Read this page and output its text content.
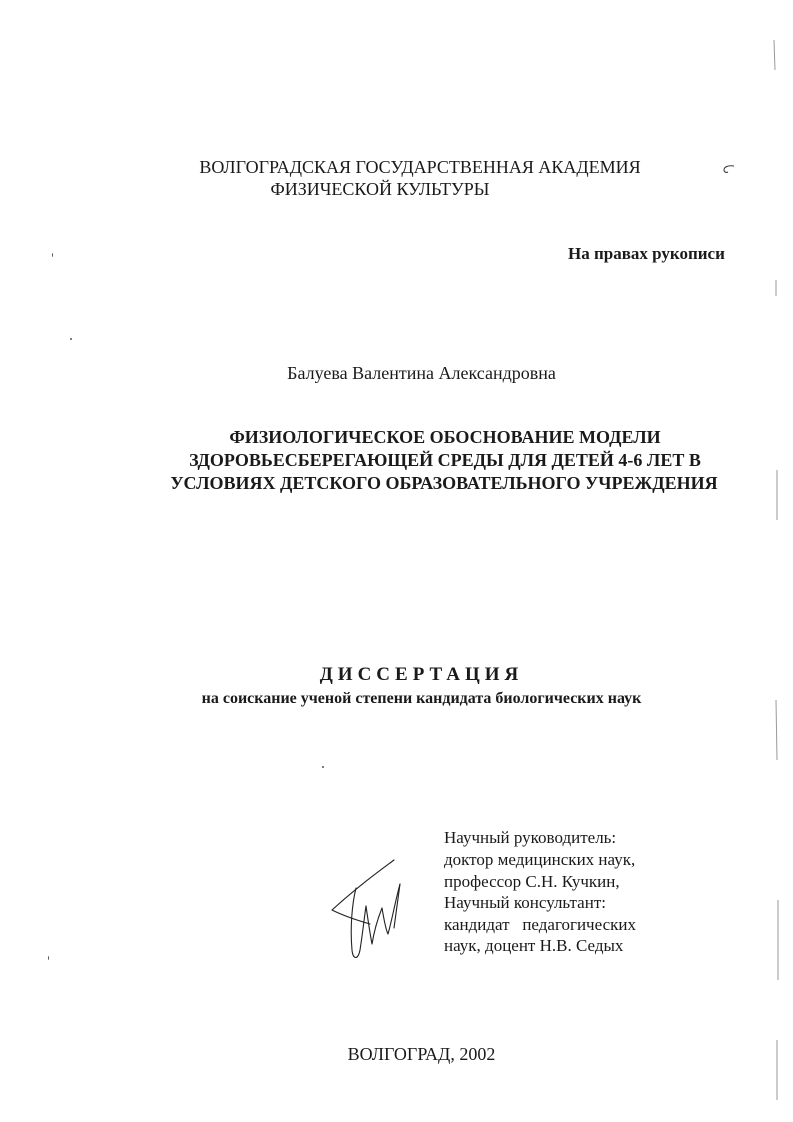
ВОЛГОГРАДСКАЯ ГОСУДАРСТВЕННАЯ АКАДЕМИЯ
ФИЗИЧЕСКОЙ КУЛЬТУРЫ
На правах рукописи
Балуева Валентина Александровна
ФИЗИОЛОГИЧЕСКОЕ ОБОСНОВАНИЕ МОДЕЛИ
ЗДОРОВЬЕСБЕРЕГАЮЩЕЙ СРЕДЫ ДЛЯ ДЕТЕЙ 4-6 ЛЕТ В
УСЛОВИЯХ ДЕТСКОГО ОБРАЗОВАТЕЛЬНОГО УЧРЕЖДЕНИЯ
ДИССЕРТАЦИЯ
на соискание ученой степени кандидата биологических наук
Научный руководитель:
доктор медицинских наук,
профессор С.Н. Кучкин,
Научный консультант:
кандидат   педагогических
наук, доцент Н.В. Седых
ВОЛГОГРАД, 2002
